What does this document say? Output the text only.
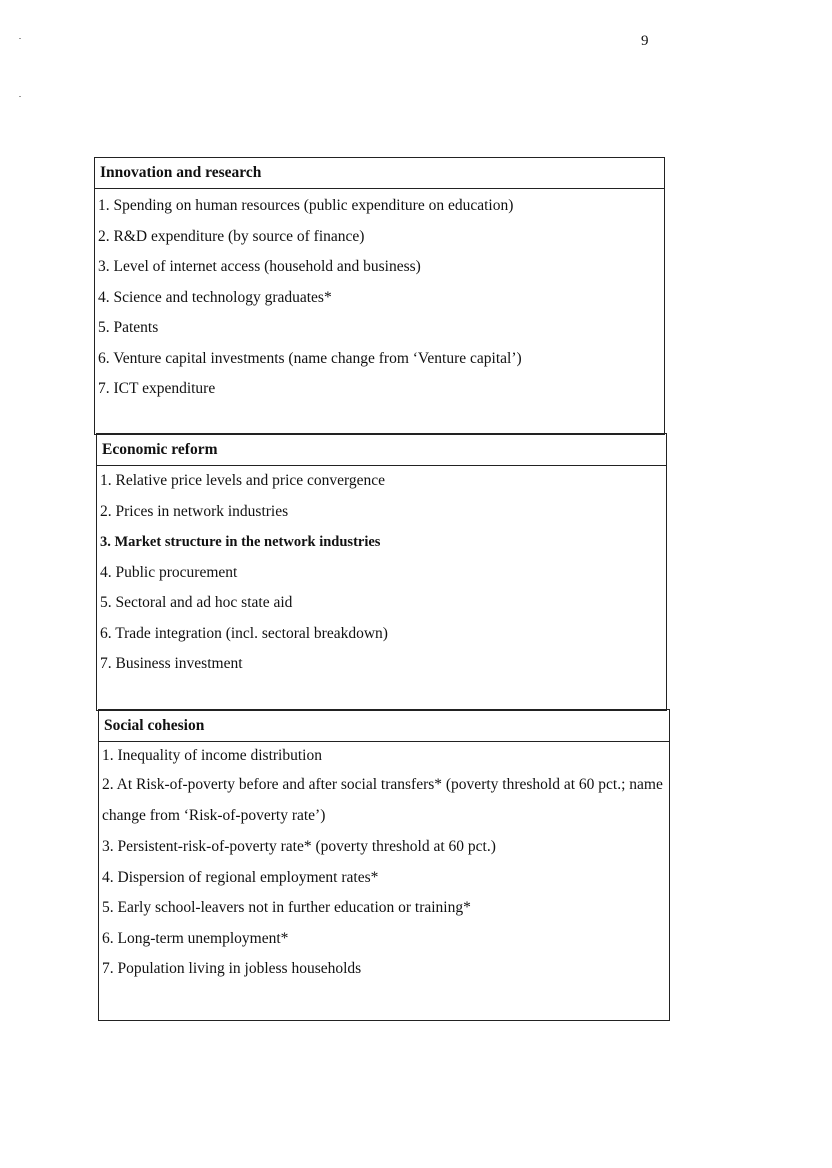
9
Innovation and research
1. Spending on human resources (public expenditure on education)
2. R&D expenditure (by source of finance)
3. Level of internet access (household and business)
4. Science and technology graduates*
5. Patents
6. Venture capital investments (name change from ‘Venture capital’)
7. ICT expenditure
Economic reform
1. Relative price levels and price convergence
2. Prices in network industries
3. Market structure in the network industries
4. Public procurement
5. Sectoral and ad hoc state aid
6. Trade integration (incl. sectoral breakdown)
7. Business investment
Social cohesion
1. Inequality of income distribution
2. At Risk-of-poverty before and after social transfers* (poverty threshold at 60 pct.; name change from ‘Risk-of-poverty rate’)
3. Persistent-risk-of-poverty rate* (poverty threshold at 60 pct.)
4. Dispersion of regional employment rates*
5. Early school-leavers not in further education or training*
6. Long-term unemployment*
7. Population living in jobless households
